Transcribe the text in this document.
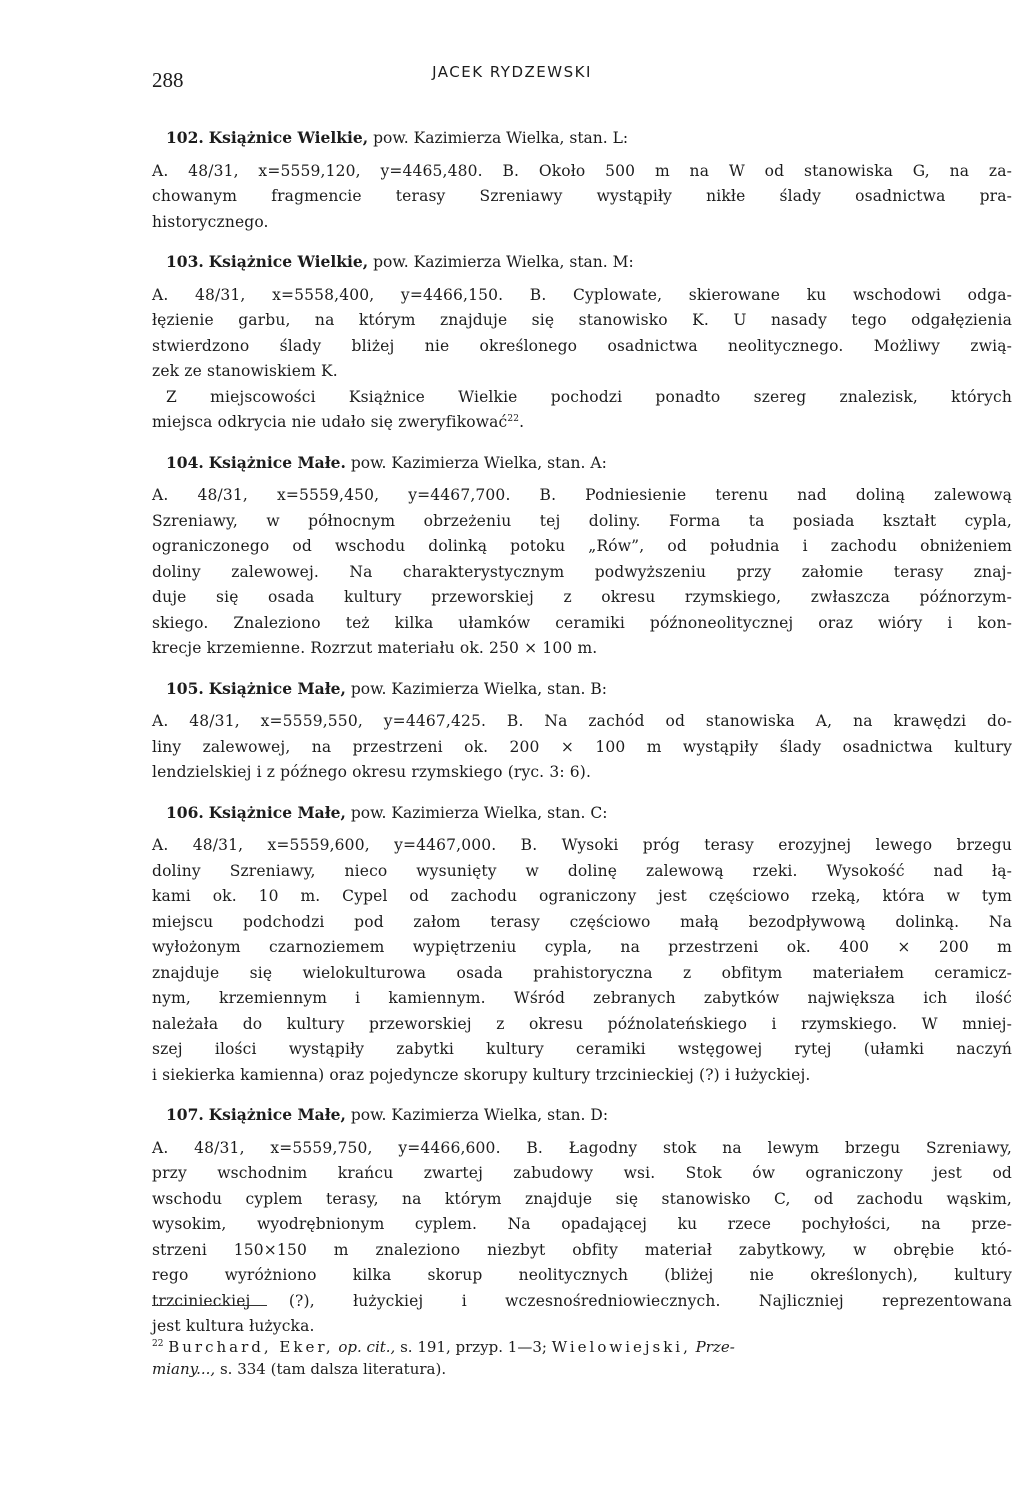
288	JACEK RYDZEWSKI
102. Książnice Wielkie, pow. Kazimierza Wielka, stan. L:
A. 48/31, x=5559,120, y=4465,480. B. Około 500 m na W od stanowiska G, na za-
chowanym fragmencie terasy Szreniawy wystąpiły nikłe ślady osadnictwa pra-
historycznego.
103. Książnice Wielkie, pow. Kazimierza Wielka, stan. M:
A. 48/31, x=5558,400, y=4466,150. B. Cyplowate, skierowane ku wschodowi odga-
łęzienie garbu, na którym znajduje się stanowisko K. U nasady tego odgałęzienia
stwierdzono ślady bliżej nie określonego osadnictwa neolitycznego. Możliwy zwią-
zek ze stanowiskiem K.
Z miejscowości Książnice Wielkie pochodzi ponadto szereg znalezisk, których
miejsca odkrycia nie udało się zweryfikować$^{22}$.
104. Książnice Małe. pow. Kazimierza Wielka, stan. A:
A. 48/31, x=5559,450, y=4467,700. B. Podniesienie terenu nad doliną zalewową
Szreniawy, w północnym obrzeżeniu tej doliny. Forma ta posiada kształt cypla,
ograniczonego od wschodu dolinką potoku „Rów”, od południa i zachodu obniżeniem
doliny zalewowej. Na charakterystycznym podwyższeniu przy załomie terasy znaj-
duje się osada kultury przeworskiej z okresu rzymskiego, zwłaszcza późnorzym-
skiego. Znaleziono też kilka ułamków ceramiki późnoneolitycznej oraz wióry i kon-
krecje krzemienne. Rozrzut materiału ok. 250 × 100 m.
105. Książnice Małe, pow. Kazimierza Wielka, stan. B:
A. 48/31, x=5559,550, y=4467,425. B. Na zachód od stanowiska A, na krawędzi do-
liny zalewowej, na przestrzeni ok. 200 × 100 m wystąpiły ślady osadnictwa kultury
lendzielskiej i z późnego okresu rzymskiego (ryc. 3: 6).
106. Książnice Małe, pow. Kazimierza Wielka, stan. C:
A. 48/31, x=5559,600, y=4467,000. B. Wysoki próg terasy erozyjnej lewego brzegu
doliny Szreniawy, nieco wysunięty w dolinę zalewową rzeki. Wysokość nad łą-
kami ok. 10 m. Cypel od zachodu ograniczony jest częściowo rzeką, która w tym
miejscu podchodzi pod załom terasy częściowo małą bezodpływową dolinką. Na
wyłożonym czarnoziemem wypiętrzeniu cypla, na przestrzeni ok. 400 × 200 m
znajduje się wielokulturowa osada prahistoryczna z obfitym materiałem ceramicz-
nym, krzemiennym i kamiennym. Wśród zebranych zabytków największa ich ilość
należała do kultury przeworskiej z okresu późnolateńskiego i rzymskiego. W mniej-
szej ilości wystąpiły zabytki kultury ceramiki wstęgowej rytej (ułamki naczyń
i siekierka kamienna) oraz pojedyncze skorupy kultury trzcinieckiej (?) i łużyckiej.
107. Książnice Małe, pow. Kazimierza Wielka, stan. D:
A. 48/31, x=5559,750, y=4466,600. B. Łagodny stok na lewym brzegu Szreniawy,
przy wschodnim krańcu zwartej zabudowy wsi. Stok ów ograniczony jest od
wschodu cyplem terasy, na którym znajduje się stanowisko C, od zachodu wąskim,
wysokim, wyodrębnionym cyplem. Na opadającej ku rzece pochyłości, na prze-
strzeni 150×150 m znaleziono niezbyt obfity materiał zabytkowy, w obrębie któ-
rego wyróżniono kilka skorup neolitycznych (bliżej nie określonych), kultury
trzcinieckiej (?), łużyckiej i wczesnośredniowiecznych. Najliczniej reprezentowana
jest kultura łużycka.
$^{22}$ Burchard, Eker, op. cit., s. 191, przyp. 1—3; Wielowiejski, Prze-
miany..., s. 334 (tam dalsza literatura).
